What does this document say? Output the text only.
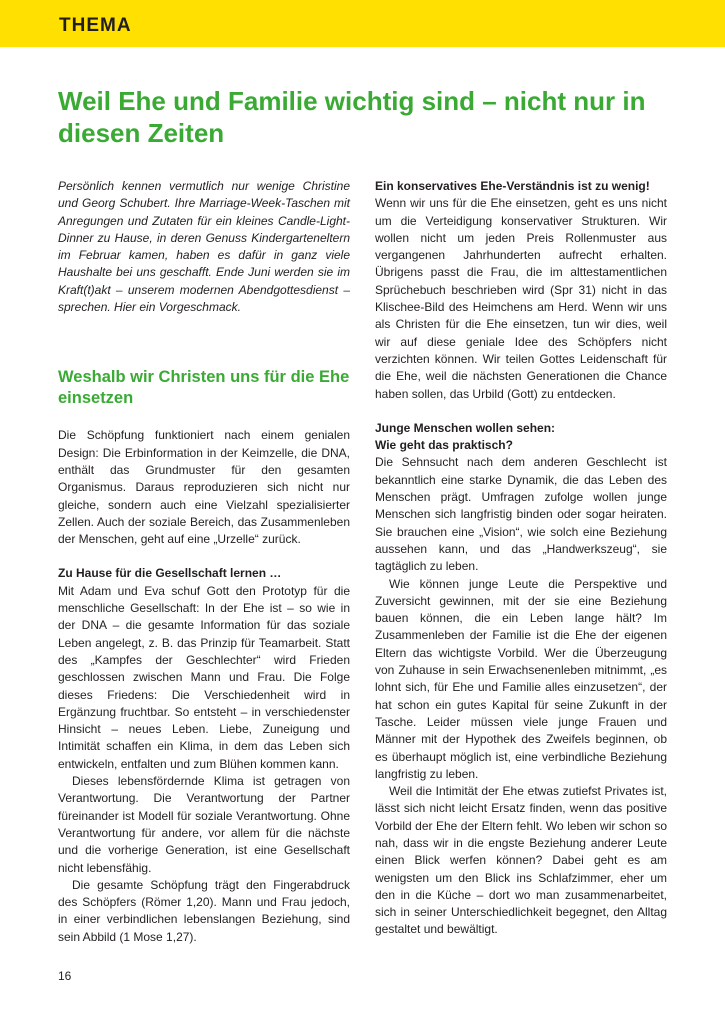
THEMA
Weil Ehe und Familie wichtig sind – nicht nur in diesen Zeiten

Persönlich kennen vermutlich nur wenige Christine und Georg Schubert. Ihre Marriage-Week-Taschen mit Anregungen und Zutaten für ein kleines Candle-Light-Dinner zu Hause, in deren Genuss Kindergarteneltern im Februar kamen, haben es dafür in ganz viele Haushalte bei uns geschafft. Ende Juni werden sie im Kraft(t)akt – unserem modernen Abendgottesdienst – sprechen. Hier ein Vorgeschmack.

Weshalb wir Christen uns für die Ehe einsetzen

Die Schöpfung funktioniert nach einem genialen Design: Die Erbinformation in der Keimzelle, die DNA, enthält das Grundmuster für den gesamten Organismus. Daraus reproduzieren sich nicht nur gleiche, sondern auch eine Vielzahl spezialisierter Zellen. Auch der soziale Bereich, das Zusammenleben der Menschen, geht auf eine „Urzelle“ zurück.

Zu Hause für die Gesellschaft lernen …

Mit Adam und Eva schuf Gott den Prototyp für die menschliche Gesellschaft: In der Ehe ist – so wie in der DNA – die gesamte Information für das soziale Leben angelegt, z. B. das Prinzip für Teamarbeit. Statt des „Kampfes der Geschlechter“ wird Frieden geschlossen zwischen Mann und Frau. Die Folge dieses Friedens: Die Verschiedenheit wird in Ergänzung fruchtbar. So entsteht – in verschiedenster Hinsicht – neues Leben. Liebe, Zuneigung und Intimität schaffen ein Klima, in dem das Leben sich entwickeln, entfalten und zum Blühen kommen kann.

Dieses lebensfördernde Klima ist getragen von Verantwortung. Die Verantwortung der Partner füreinander ist Modell für soziale Verantwortung. Ohne Verantwortung für andere, vor allem für die nächste und die vorherige Generation, ist eine Gesellschaft nicht lebensfähig.

Die gesamte Schöpfung trägt den Fingerabdruck des Schöpfers (Römer 1,20). Mann und Frau jedoch, in einer verbindlichen lebenslangen Beziehung, sind sein Abbild (1 Mose 1,27).

Ein konservatives Ehe-Verständnis ist zu wenig!

Wenn wir uns für die Ehe einsetzen, geht es uns nicht um die Verteidigung konservativer Strukturen. Wir wollen nicht um jeden Preis Rollenmuster aus vergangenen Jahrhunderten aufrecht erhalten. Übrigens passt die Frau, die im alttestamentlichen Sprüchebuch beschrieben wird (Spr 31) nicht in das Klischee-Bild des Heimchens am Herd. Wenn wir uns als Christen für die Ehe einsetzen, tun wir dies, weil wir auf diese geniale Idee des Schöpfers nicht verzichten können. Wir teilen Gottes Leidenschaft für die Ehe, weil die nächsten Generationen die Chance haben sollen, das Urbild (Gott) zu entdecken.

Junge Menschen wollen sehen:

Wie geht das praktisch?

Die Sehnsucht nach dem anderen Geschlecht ist bekanntlich eine starke Dynamik, die das Leben des Menschen prägt. Umfragen zufolge wollen junge Menschen sich langfristig binden oder sogar heiraten. Sie brauchen eine „Vision“, wie solch eine Beziehung aussehen kann, und das „Handwerkszeug“, sie tagtäglich zu leben.

Wie können junge Leute die Perspektive und Zuversicht gewinnen, mit der sie eine Beziehung bauen können, die ein Leben lange hält? Im Zusammenleben der Familie ist die Ehe der eigenen Eltern das wichtigste Vorbild. Wer die Überzeugung von Zuhause in sein Erwachsenenleben mitnimmt, „es lohnt sich, für Ehe und Familie alles einzusetzen“, der hat schon ein gutes Kapital für seine Zukunft in der Tasche. Leider müssen viele junge Frauen und Männer mit der Hypothek des Zweifels beginnen, ob es überhaupt möglich ist, eine verbindliche Beziehung langfristig zu leben.

Weil die Intimität der Ehe etwas zutiefst Privates ist, lässt sich nicht leicht Ersatz finden, wenn das positive Vorbild der Ehe der Eltern fehlt. Wo leben wir schon so nah, dass wir in die engste Beziehung anderer Leute einen Blick werfen können? Dabei geht es am wenigsten um den Blick ins Schlafzimmer, eher um den in die Küche – dort wo man zusammenarbeitet, sich in seiner Unterschiedlichkeit begegnet, den Alltag gestaltet und bewältigt.

16
